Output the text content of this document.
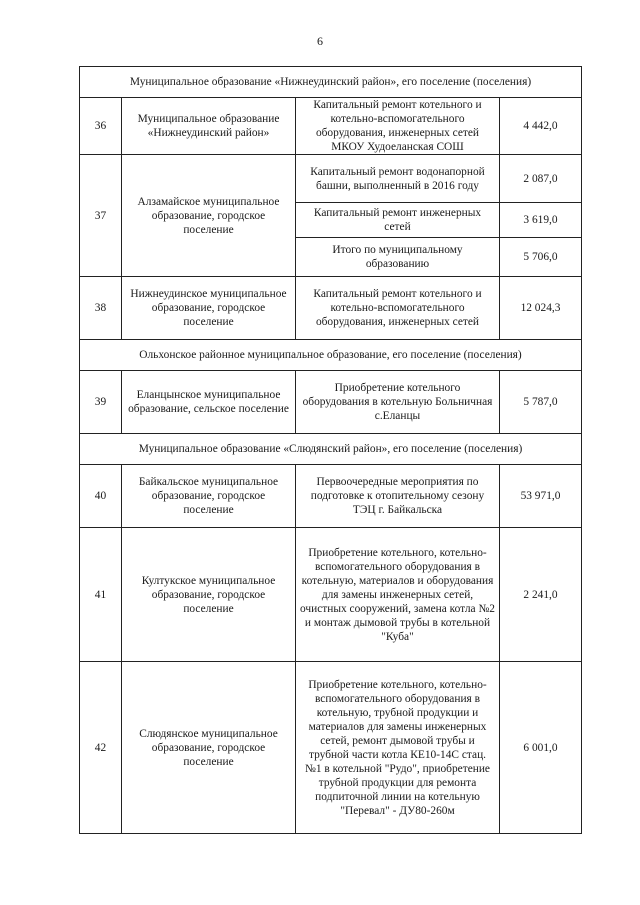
6
Муниципальное образование «Нижнеудинский район», его поселение (поселения)			
36	Муниципальное образование «Нижнеудинский район»	Капитальный ремонт котельного и котельно-вспомогательного оборудования, инженерных сетей МКОУ Худоеланская СОШ	4 442,0
37	Алзамайское муниципальное образование, городское поселение	Капитальный ремонт водонапорной башни, выполненный в 2016 году	2 087,0
		Капитальный ремонт инженерных сетей	3 619,0
		Итого по муниципальному образованию	5 706,0
38	Нижнеудинское муниципальное образование, городское поселение	Капитальный ремонт котельного и котельно-вспомогательного оборудования, инженерных сетей	12 024,3
Ольхонское районное муниципальное образование, его поселение (поселения)			
39	Еланцынское муниципальное образование, сельское поселение	Приобретение котельного оборудования в котельную Больничная с.Еланцы	5 787,0
Муниципальное образование «Слюдянский район», его поселение (поселения)			
40	Байкальское муниципальное образование, городское поселение	Первоочередные мероприятия по подготовке к отопительному сезону ТЭЦ г. Байкальска	53 971,0
41	Култукское муниципальное образование, городское поселение	Приобретение котельного, котельно-вспомогательного оборудования в котельную, материалов и оборудования для замены инженерных сетей, очистных сооружений, замена котла №2 и монтаж дымовой трубы в котельной "Куба"	2 241,0
42	Слюдянское муниципальное образование, городское поселение	Приобретение котельного, котельно-вспомогательного оборудования в котельную, трубной продукции и материалов для замены инженерных сетей, ремонт дымовой трубы и трубной части котла КЕ10-14С стац. №1 в котельной "Рудо", приобретение трубной продукции для ремонта подпиточной линии на котельную "Перевал" - ДУ80-260м	6 001,0
